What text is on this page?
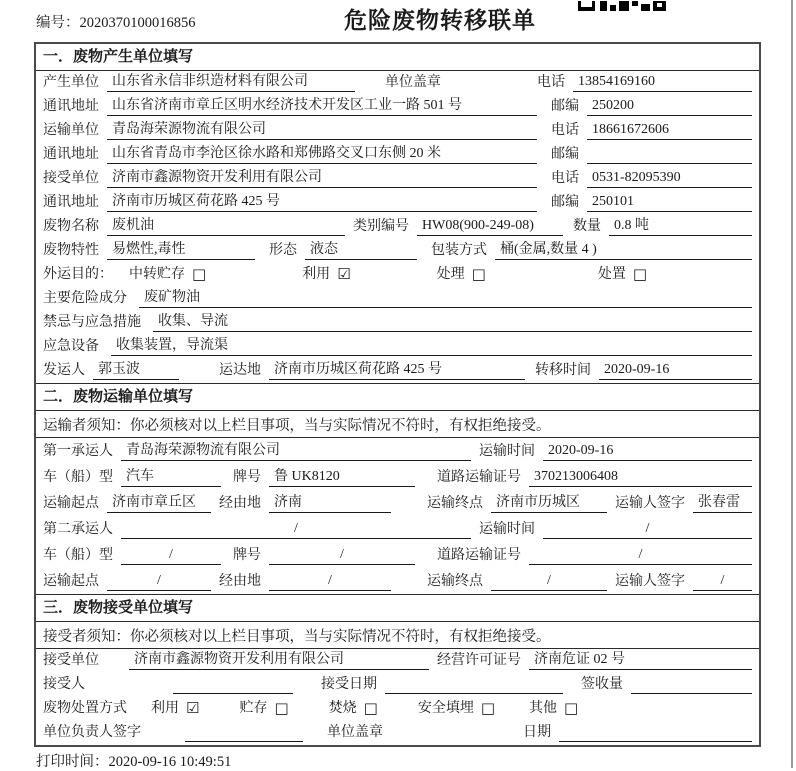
编号：2020370100016856	危险废物转移联单
一．废物产生单位填写
产生单位 山东省永信非织造材料有限公司	单位盖章	电话 13854169160
通讯地址 山东省济南市章丘区明水经济技术开发区工业一路 501 号	邮编 250200
运输单位 青岛海荣源物流有限公司	电话 18661672606
通讯地址 山东省青岛市李沧区徐水路和郑佛路交叉口东侧 20 米	邮编
接受单位 济南市鑫源物资开发利用有限公司	电话 0531-82095390
通讯地址 济南市历城区荷花路 425 号	邮编 250101
废物名称 废机油	类别编号 HW08(900-249-08)	数量 0.8 吨
废物特性 易燃性,毒性	形态 液态	包装方式 桶(金属,数量 4 )
外运目的： 中转贮存 □	利用 ☑	处理 □	处置 □
主要危险成分	废矿物油
禁忌与应急措施	收集、导流
应急设备	收集装置，导流渠
发运人 郭玉波	运达地 济南市历城区荷花路 425 号	转移时间 2020-09-16
二．废物运输单位填写
运输者须知：你必须核对以上栏目事项，当与实际情况不符时，有权拒绝接受。
第一承运人 青岛海荣源物流有限公司	运输时间 2020-09-16
车（船）型 汽车	牌号 鲁 UK8120	道路运输证号 370213006408
运输起点 济南市章丘区	经由地 济南	运输终点 济南市历城区	运输人签字 张春雷
第二承运人	/	运输时间	/
车（船）型	/	牌号	/	道路运输证号	/
运输起点	/	经由地	/	运输终点	/	运输人签字	/
三．废物接受单位填写
接受者须知：你必须核对以上栏目事项，当与实际情况不符时，有权拒绝接受。
接受单位	济南市鑫源物资开发利用有限公司	经营许可证号 济南危证 02 号
接受人	接受日期	签收量
废物处置方式 利用 ☑	贮存 □	焚烧 □	安全填埋 □ 其他 □
单位负责人签字	单位盖章	日期
打印时间：2020-09-16 10:49:51
